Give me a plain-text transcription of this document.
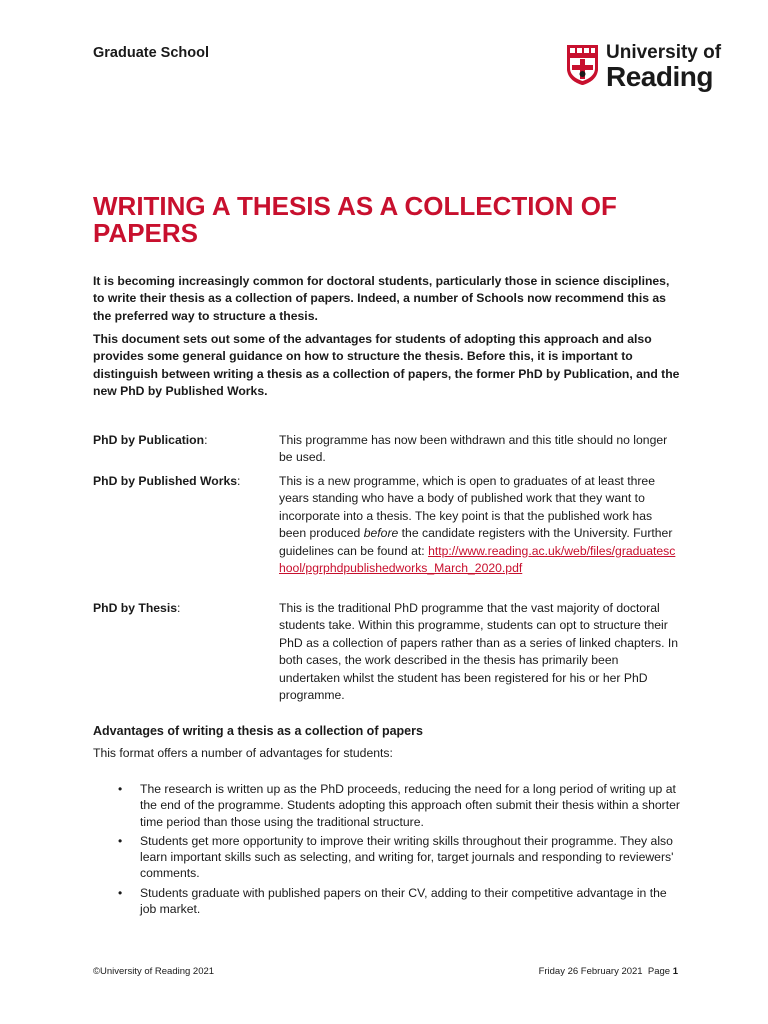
Graduate School	University of
Reading
WRITING A THESIS AS A COLLECTION OF
PAPERS

It is becoming increasingly common for doctoral students, particularly those in science disciplines, to write their thesis as a collection of papers. Indeed, a number of Schools now recommend this as the preferred way to structure a thesis.

This document sets out some of the advantages for students of adopting this approach and also provides some general guidance on how to structure the thesis. Before this, it is important to distinguish between writing a thesis as a collection of papers, the former PhD by Publication, and the new PhD by Published Works.

PhD by Publication:	This programme has now been withdrawn and this title should no longer be used.

PhD by Published Works:	This is a new programme, which is open to graduates of at least three years standing who have a body of published work that they want to incorporate into a thesis. The key point is that the published work has been produced before the candidate registers with the University. Further guidelines can be found at: http://www.reading.ac.uk/web/files/graduateschool/pgrphdpublishedworks_March_2020.pdf

PhD by Thesis:	This is the traditional PhD programme that the vast majority of doctoral students take. Within this programme, students can opt to structure their PhD as a collection of papers rather than as a series of linked chapters. In both cases, the work described in the thesis has primarily been undertaken whilst the student has been registered for his or her PhD programme.

Advantages of writing a thesis as a collection of papers

This format offers a number of advantages for students:

• The research is written up as the PhD proceeds, reducing the need for a long period of writing up at the end of the programme. Students adopting this approach often submit their thesis within a shorter time period than those using the traditional structure.
• Students get more opportunity to improve their writing skills throughout their programme. They also learn important skills such as selecting, and writing for, target journals and responding to reviewers' comments.
• Students graduate with published papers on their CV, adding to their competitive advantage in the job market.
©University of Reading 2021	Friday 26 February 2021 Page 1
